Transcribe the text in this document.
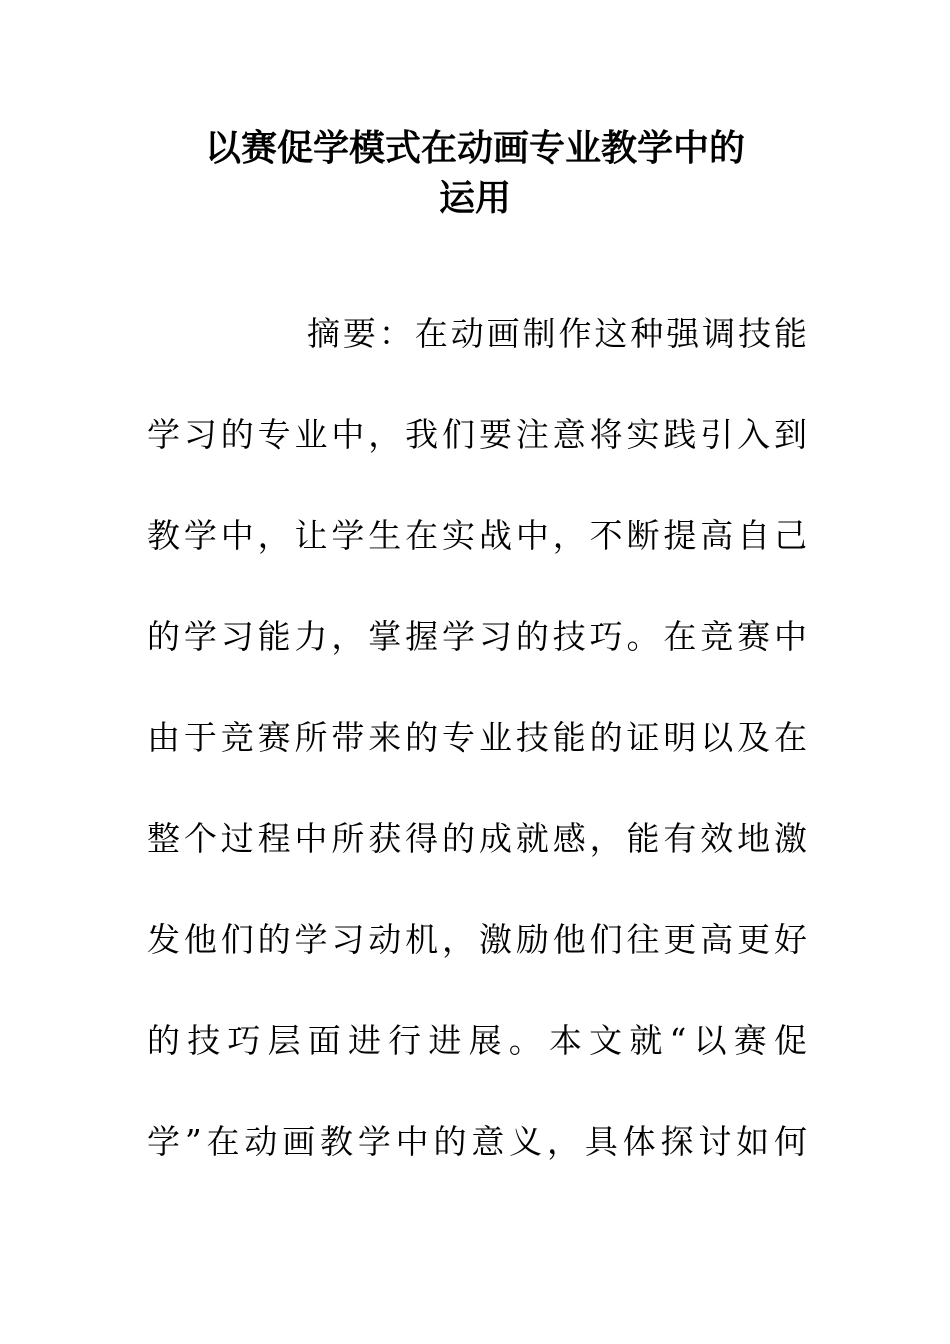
以赛促学模式在动画专业教学中的
运用
摘要：在动画制作这种强调技能
学习的专业中，我们要注意将实践引入到
教学中，让学生在实战中，不断提高自己
的学习能力，掌握学习的技巧。在竞赛中
由于竞赛所带来的专业技能的证明以及在
整个过程中所获得的成就感，能有效地激
发他们的学习动机，激励他们往更高更好
的技巧层面进行进展。本文就“以赛促
学”在动画教学中的意义，具体探讨如何
